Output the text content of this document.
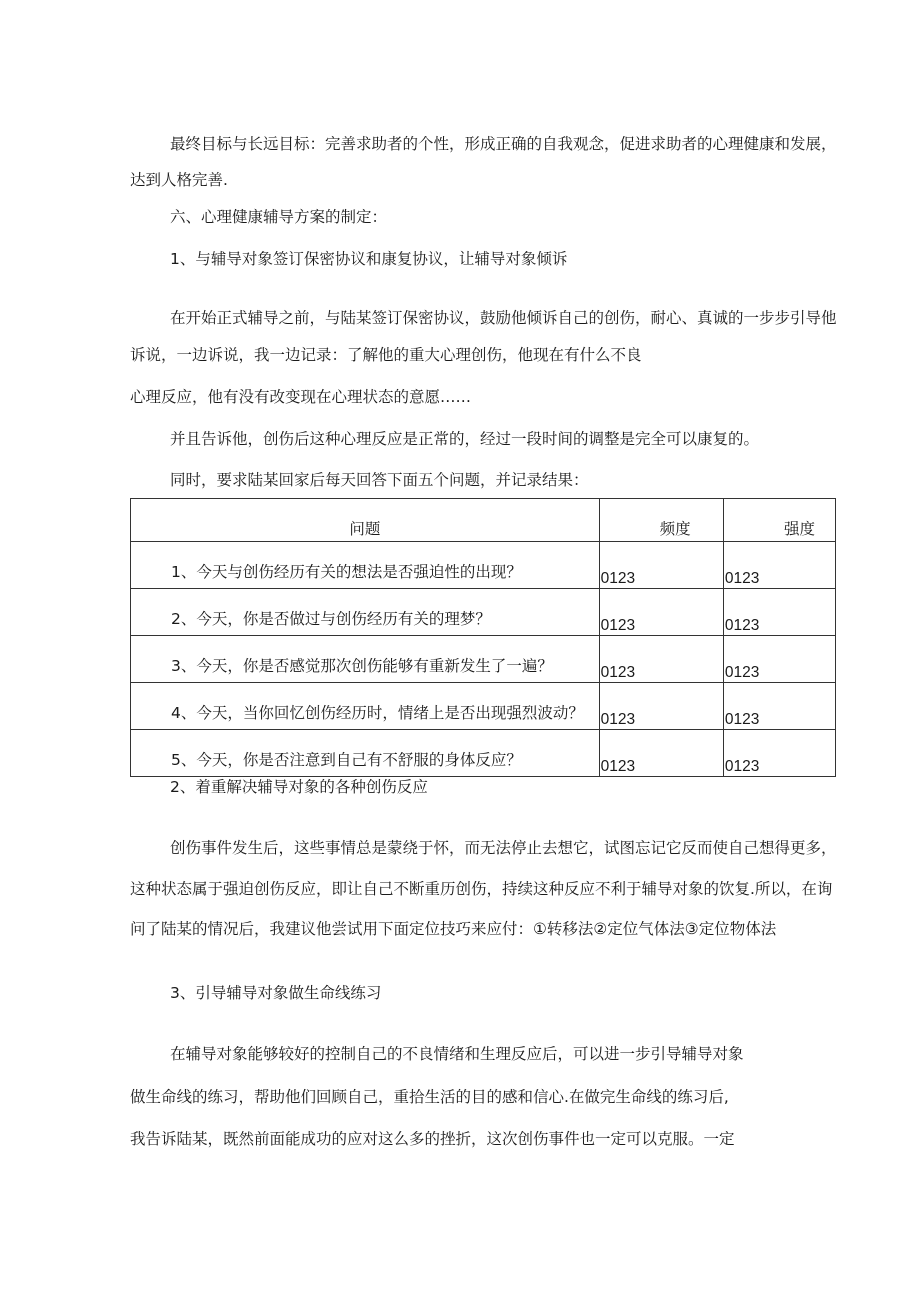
最终目标与长远目标：完善求助者的个性，形成正确的自我观念，促进求助者的心理健康和发展，
达到人格完善.
六、心理健康辅导方案的制定：
1、与辅导对象签订保密协议和康复协议，让辅导对象倾诉
在开始正式辅导之前，与陆某签订保密协议，鼓励他倾诉自己的创伤，耐心、真诚的一步步引导他
诉说，一边诉说，我一边记录：了解他的重大心理创伤，他现在有什么不良
心理反应，他有没有改变现在心理状态的意愿……
并且告诉他，创伤后这种心理反应是正常的，经过一段时间的调整是完全可以康复的。
同时，要求陆某回家后每天回答下面五个问题，并记录结果：
问题	频度	强度
1、今天与创伤经历有关的想法是否强迫性的出现？	0123	0123
2、今天，你是否做过与创伤经历有关的理梦？	0123	0123
3、今天，你是否感觉那次创伤能够有重新发生了一遍？	0123	0123
4、今天，当你回忆创伤经历时，情绪上是否出现强烈波动？	0123	0123
5、今天，你是否注意到自己有不舒服的身体反应？	0123	0123
2、着重解决辅导对象的各种创伤反应
创伤事件发生后，这些事情总是蒙绕于怀，而无法停止去想它，试图忘记它反而使自己想得更多，
这种状态属于强迫创伤反应，即让自己不断重历创伤，持续这种反应不利于辅导对象的饮复.所以，在询
问了陆某的情况后，我建议他尝试用下面定位技巧来应付：①转移法②定位气体法③定位物体法
3、引导辅导对象做生命线练习
在辅导对象能够较好的控制自己的不良情绪和生理反应后，可以进一步引导辅导对象
做生命线的练习，帮助他们回顾自己，重拾生活的目的感和信心.在做完生命线的练习后,
我告诉陆某，既然前面能成功的应对这么多的挫折，这次创伤事件也一定可以克服。一定
